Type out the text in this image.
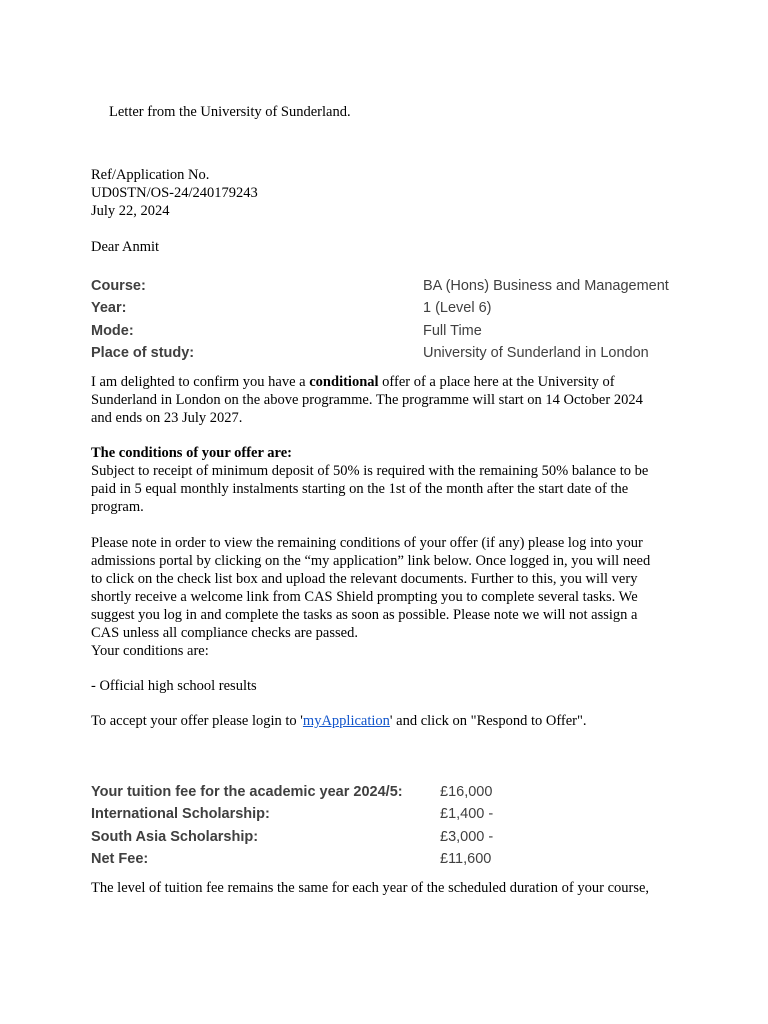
Letter from the University of Sunderland.
Ref/Application No.
UD0STN/OS-24/240179243
July 22, 2024
Dear Anmit
Course:	BA (Hons) Business and Management
Year:	1 (Level 6)
Mode:	Full Time
Place of study:	University of Sunderland in London
I am delighted to confirm you have a conditional offer of a place here at the University of
Sunderland in London on the above programme. The programme will start on 14 October 2024
and ends on 23 July 2027.
The conditions of your offer are:
Subject to receipt of minimum deposit of 50% is required with the remaining 50% balance to be
paid in 5 equal monthly instalments starting on the 1st of the month after the start date of the
program.
Please note in order to view the remaining conditions of your offer (if any) please log into your
admissions portal by clicking on the “my application” link below. Once logged in, you will need
to click on the check list box and upload the relevant documents. Further to this, you will very
shortly receive a welcome link from CAS Shield prompting you to complete several tasks. We
suggest you log in and complete the tasks as soon as possible. Please note we will not assign a
CAS unless all compliance checks are passed.
Your conditions are:
- Official high school results
To accept your offer please login to 'myApplication' and click on "Respond to Offer".
Your tuition fee for the academic year 2024/5:	£16,000
International Scholarship:	£1,400 -
South Asia Scholarship:	£3,000 -
Net Fee:	£11,600
The level of tuition fee remains the same for each year of the scheduled duration of your course,
